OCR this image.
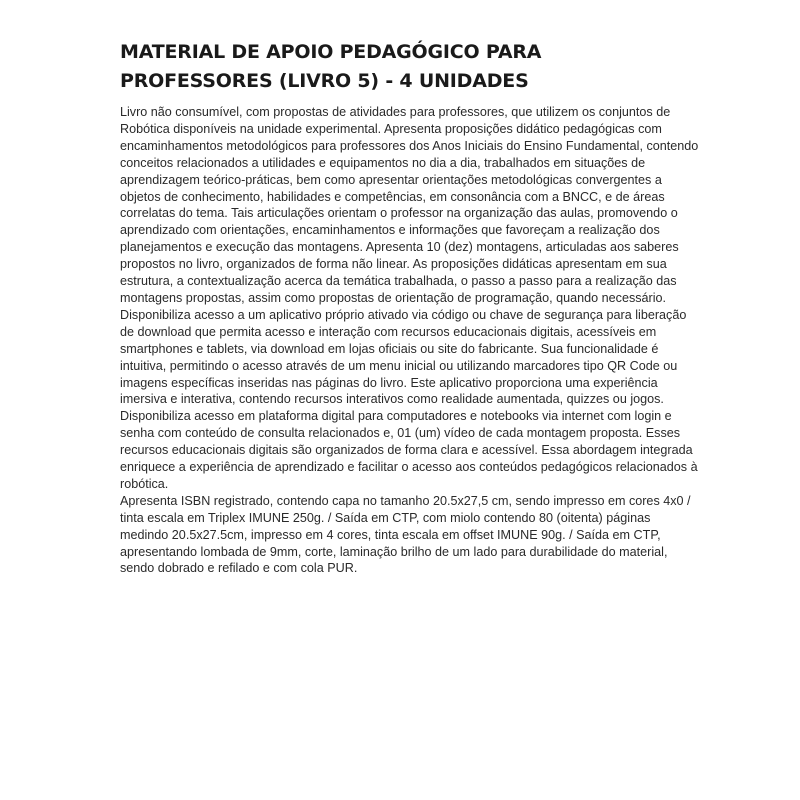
MATERIAL DE APOIO PEDAGÓGICO PARA PROFESSORES (LIVRO 5) - 4 UNIDADES

Livro não consumível, com propostas de atividades para professores, que utilizem os conjuntos de Robótica disponíveis na unidade experimental. Apresenta proposições didático pedagógicas com encaminhamentos metodológicos para professores dos Anos Iniciais do Ensino Fundamental, contendo conceitos relacionados a utilidades e equipamentos no dia a dia, trabalhados em situações de aprendizagem teórico-práticas, bem como apresentar orientações metodológicas convergentes a objetos de conhecimento, habilidades e competências, em consonância com a BNCC, e de áreas correlatas do tema. Tais articulações orientam o professor na organização das aulas, promovendo o aprendizado com orientações, encaminhamentos e informações que favoreçam a realização dos planejamentos e execução das montagens. Apresenta 10 (dez) montagens, articuladas aos saberes propostos no livro, organizados de forma não linear. As proposições didáticas apresentam em sua estrutura, a contextualização acerca da temática trabalhada, o passo a passo para a realização das montagens propostas, assim como propostas de orientação de programação, quando necessário. Disponibiliza acesso a um aplicativo próprio ativado via código ou chave de segurança para liberação de download que permita acesso e interação com recursos educacionais digitais, acessíveis em smartphones e tablets, via download em lojas oficiais ou site do fabricante. Sua funcionalidade é intuitiva, permitindo o acesso através de um menu inicial ou utilizando marcadores tipo QR Code ou imagens específicas inseridas nas páginas do livro. Este aplicativo proporciona uma experiência imersiva e interativa, contendo recursos interativos como realidade aumentada, quizzes ou jogos. Disponibiliza acesso em plataforma digital para computadores e notebooks via internet com login e senha com conteúdo de consulta relacionados e, 01 (um) vídeo de cada montagem proposta. Esses recursos educacionais digitais são organizados de forma clara e acessível. Essa abordagem integrada enriquece a experiência de aprendizado e facilitar o acesso aos conteúdos pedagógicos relacionados à robótica.

Apresenta ISBN registrado, contendo capa no tamanho 20.5x27,5 cm, sendo impresso em cores 4x0 / tinta escala em Triplex IMUNE 250g. / Saída em CTP, com miolo contendo 80 (oitenta) páginas medindo 20.5x27.5cm, impresso em 4 cores, tinta escala em offset IMUNE 90g. / Saída em CTP, apresentando lombada de 9mm, corte, laminação brilho de um lado para durabilidade do material, sendo dobrado e refilado e com cola PUR.
